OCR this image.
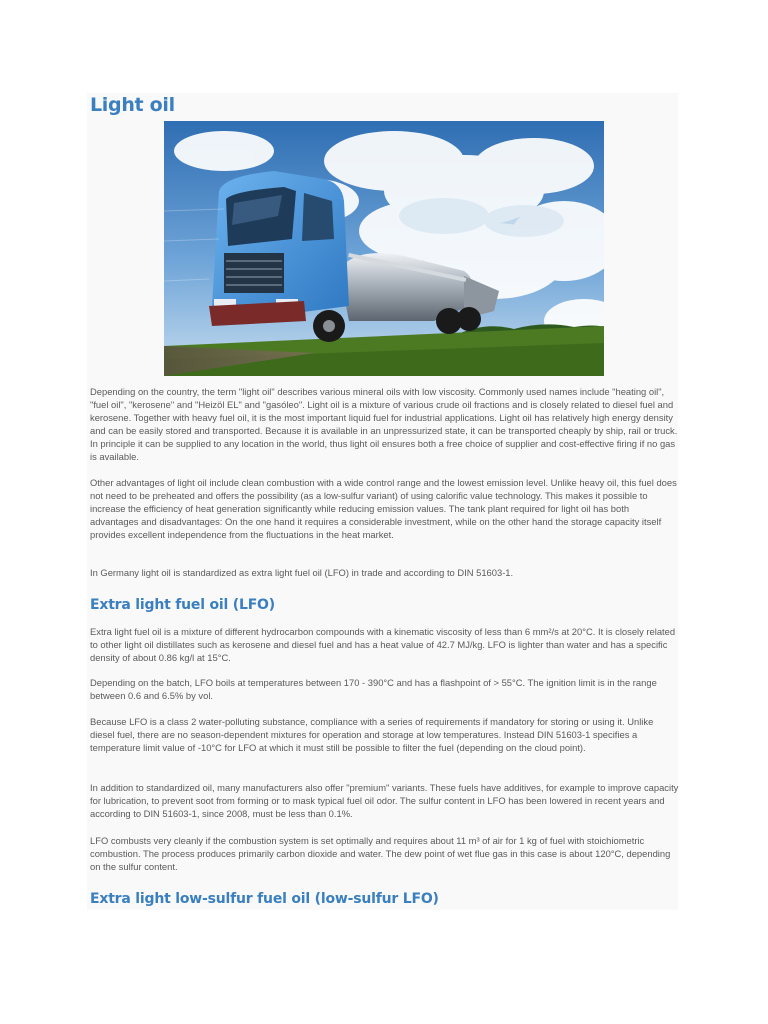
Light oil

Depending on the country, the term "light oil" describes various mineral oils with low viscosity. Commonly used names include "heating oil", "fuel oil", "kerosene" and "Heizöl EL" and "gasóleo". Light oil is a mixture of various crude oil fractions and is closely related to diesel fuel and kerosene. Together with heavy fuel oil, it is the most important liquid fuel for industrial applications. Light oil has relatively high energy density and can be easily stored and transported. Because it is available in an unpressurized state, it can be transported cheaply by ship, rail or truck. In principle it can be supplied to any location in the world, thus light oil ensures both a free choice of supplier and cost-effective firing if no gas is available.

Other advantages of light oil include clean combustion with a wide control range and the lowest emission level. Unlike heavy oil, this fuel does not need to be preheated and offers the possibility (as a low-sulfur variant) of using calorific value technology. This makes it possible to increase the efficiency of heat generation significantly while reducing emission values. The tank plant required for light oil has both advantages and disadvantages: On the one hand it requires a considerable investment, while on the other hand the storage capacity itself provides excellent independence from the fluctuations in the heat market.

In Germany light oil is standardized as extra light fuel oil (LFO) in trade and according to DIN 51603-1.

Extra light fuel oil (LFO)

Extra light fuel oil is a mixture of different hydrocarbon compounds with a kinematic viscosity of less than 6 mm²/s at 20°C. It is closely related to other light oil distillates such as kerosene and diesel fuel and has a heat value of 42.7 MJ/kg. LFO is lighter than water and has a specific density of about 0.86 kg/l at 15°C.

Depending on the batch, LFO boils at temperatures between 170 - 390°C and has a flashpoint of > 55°C. The ignition limit is in the range between 0.6 and 6.5% by vol.

Because LFO is a class 2 water-polluting substance, compliance with a series of requirements if mandatory for storing or using it. Unlike diesel fuel, there are no season-dependent mixtures for operation and storage at low temperatures. Instead DIN 51603-1 specifies a temperature limit value of -10°C for LFO at which it must still be possible to filter the fuel (depending on the cloud point).

In addition to standardized oil, many manufacturers also offer "premium" variants. These fuels have additives, for example to improve capacity for lubrication, to prevent soot from forming or to mask typical fuel oil odor. The sulfur content in LFO has been lowered in recent years and according to DIN 51603-1, since 2008, must be less than 0.1%.

LFO combusts very cleanly if the combustion system is set optimally and requires about 11 m³ of air for 1 kg of fuel with stoichiometric combustion. The process produces primarily carbon dioxide and water. The dew point of wet flue gas in this case is about 120°C, depending on the sulfur content.

Extra light low-sulfur fuel oil (low-sulfur LFO)
